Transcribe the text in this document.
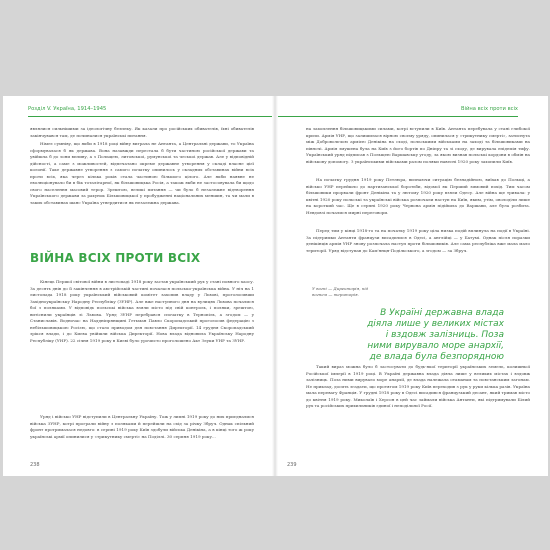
Розділ V. Україна, 1914–1945

являлися сильнішими за ідеологічну безпеку. Як казали про російських обивателів, їхні обивателів закінчувався там, де починалися українські питання.

Німеє сумніву, що якби в 1918 році війну виграла не Антанта, а Центральні держави, то Україна сформувалася б як держава. Вона назавжди перестала б бути частиною російської держави та увійшла б до зони впливу, а з Польщею, литовськоі, румунськоі та чеськоі держав. Але у відповідній дійсності, а саме з можливостей, відпечатано окреме державне утворення у складі власне цієї колонії. Таке державне утворення з самого початку опинилось у складних обставинах війни всіх проти всіх, яка через кілька років стала частиною більшого цілого. Але якби наявне не еволюціонувало би в бік тоталітарної, як більшовицька Росія, а також якби не застосовувала би щодо свого населення масовий терор. Зрештою, великі питання — чи було б незалежне відтворення Українського держави за рахунок Більшовицької у пробудженні національних меншин, та чи мали в таких обставинах шанс Україна утвердитися як незалежна держава.

ВІЙНА ВСІХ ПРОТИ ВСІХ

Кінець Першої світової війни в листопаді 1918 року застав український рух у стані повного хаосу. За десять днів до її закінчення в австрійській частині почалася польсько-українська війна. У ніч на 1 листопада 1918 року український військовий комітет захопив владу у Львові, проголосивши Західноукраїнську Народну Республіку (ЗУНР). Але вже наступного дня на вулицях Львова почалися бої з поляками. У відповідь польські війська взяли місто під свій контроль, і поляки, зрештою, витіснили українців зі Львова. Уряд ЗУНР перебрався спочатку в Тернопіль, а згодом — у Станиславів. Водночас на Наддніпрянщині Гетьман Павло Скоропадський проголосив федерацію з небільшовицькою Росією, що стало приводом для повстання Директорії. 14 грудня Скоропадський зрікся влади, і до Києва увійшли війська Директорії. Нова влада відновила Українську Народну Республіку (УНР). 22 січня 1919 року в Києві було урочисто проголошено Акт Злуки УНР та ЗУНР.

Уряд і військо УНР відступили в Центральну Україну. Тож у липні 1919 року до них приєдналися війська ЗУНР, котрі програли війну з поляками й перейшли на схід за річку Збруч. Однак спільний фронт протрималася недовго: в серпні 1919 року Київ здобули війська Денікіна, а в кінці того ж року українські армії опинилися у «трикутнику смерті» на Поділлі. 30 серпня 1919 року...

238
Війна всіх проти всіх

на захоплення більшовицькими силами, котрі вступили в Київ. Антанта перебувала у стані глибокої кризи. Армія УНР, що залишилася вірною своєму уряду, опинилася у «трикутнику смерті», затиснута між Добровольчою армією Денікіна на сході, польськими військами на заході та більшовиками на півночі. Армія змушена була на Київ з його бортів по Дніпру та зі сходу, де вирувала епідемія тифу. Український уряд підписав з Польщею Варшавську угоду, за якою визнав польські кордони в обмін на військову допомогу. З українськими військами разом поляки навесні 1920 року захопили Київ.

На початку грудня 1919 року Петлюра, визнаючи ситуацію безнадійною, виїхав до Польщі, а військо УНР перейшло до партизанської боротьби, відомої як Перший зимовий похід. Тим часом більшовики прорвали фронт Денікіна та у лютому 1920 року взяли Одесу. Але війна ще тривала: у квітні 1920 року польські та українські війська розпочали наступ на Київ, яким, утім, оволоділи лише на короткий час. Ще в серпні 1920 року Червона армія підійшла до Варшави, але була розбита. Невдовзі почалися мирні переговори.

Перед тим у кінці 1918-го та на початку 1919 року ціла низка подій вплинула на події в Україні. За підтримки Антанти французи висадилися в Одесі, а англійці — у Батумі. Однак після поразки денікінців армія УНР знову розпочала наступ проти більшовиків. Але сама республіка вже мала мало території. Уряд відступав до Кам'янця-Подільського, а згодом — за Збруч.

У вогні — Директорія, під вогнем — територія.
В Україні державна влада діяла лише у великих містах і вздовж залізниць. Поза ними вирувало море анархії, де влада була безпорядною

Такий вираз можна було б застосувати до будь-якої території українських земель, колишньої Російської імперії в 1919 році. В Україні державна влада діяла лише у великих містах і вздовж залізниць. Поза ними вирувало море анархії, де влада належала отаманам та повстанським загонам. Не приклад, досить згадати, що протягом 1919 року Київ переходив з рук у руки кілька разів. Україна мала перевагу Франція. У грудні 1918 року в Одесі висадився французький десант, який тримав місто до квітня 1919 року. Миколаїв і Херсон в цей час займали війська Антанти, які підтримували Білий рух та російських прихильників єдиної і неподільної Росії.

239
